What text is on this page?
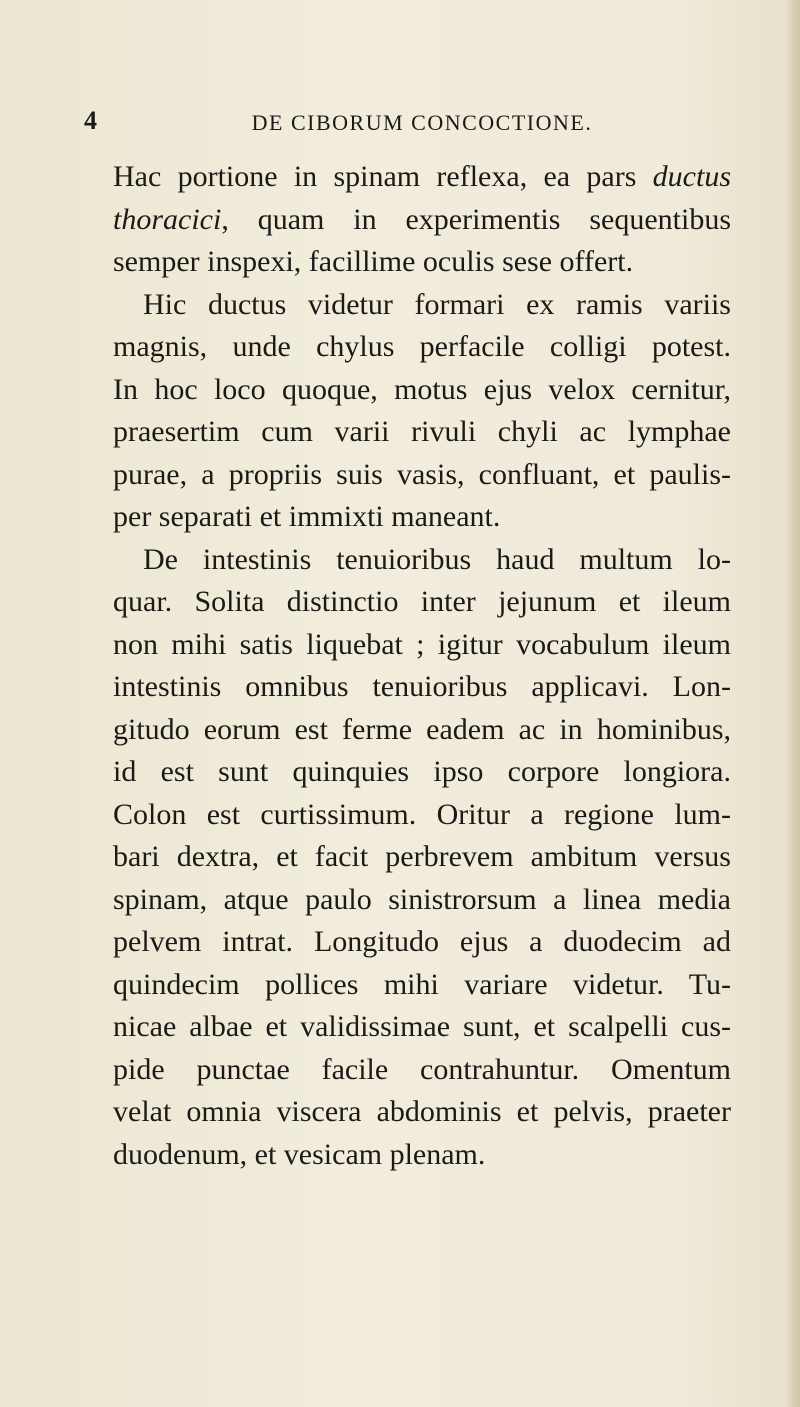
4	DE CIBORUM CONCOCTIONE.
Hac portione in spinam reflexa, ea pars ductus
thoracici, quam in experimentis sequentibus
semper inspexi, facillime oculis sese offert.
Hic ductus videtur formari ex ramis variis
magnis, unde chylus perfacile colligi potest.
In hoc loco quoque, motus ejus velox cernitur,
praesertim cum varii rivuli chyli ac lymphae
purae, a propriis suis vasis, confluant, et paulis-
per separati et immixti maneant.
De intestinis tenuioribus haud multum lo-
quar. Solita distinctio inter jejunum et ileum
non mihi satis liquebat ; igitur vocabulum ileum
intestinis omnibus tenuioribus applicavi. Lon-
gitudo eorum est ferme eadem ac in hominibus,
id est sunt quinquies ipso corpore longiora.
Colon est curtissimum. Oritur a regione lum-
bari dextra, et facit perbrevem ambitum versus
spinam, atque paulo sinistrorsum a linea media
pelvem intrat. Longitudo ejus a duodecim ad
quindecim pollices mihi variare videtur. Tu-
nicae albae et validissimae sunt, et scalpelli cus-
pide punctae facile contrahuntur. Omentum
velat omnia viscera abdominis et pelvis, praeter
duodenum, et vesicam plenam.
